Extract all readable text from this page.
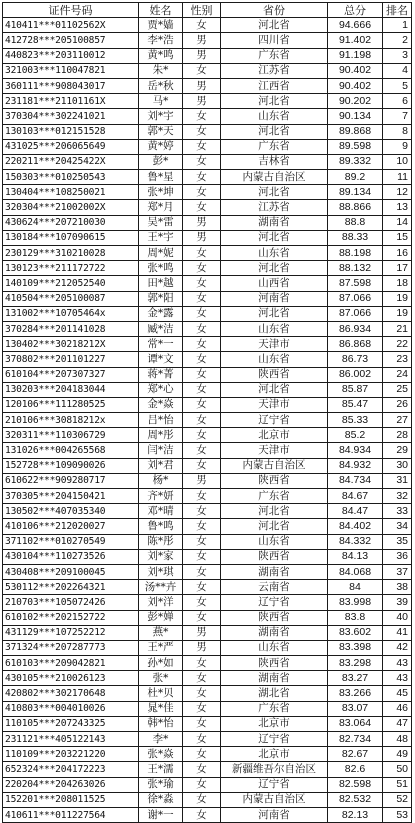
证件号码	姓名	性别	省份	总分	排名
410411***01102562X	贾*嫱	女	河北省	94.666	1
412728***205100857	李*浩	男	四川省	91.402	2
440823***203110012	黄*鸣	男	广东省	91.198	3
321003***110047821	朱*	女	江苏省	90.402	4
360111***908043017	岳*秋	男	江西省	90.402	5
231181***21101161X	马*	男	河北省	90.202	6
370304***302241021	刘*宇	女	山东省	90.134	7
130103***012151528	郭*天	女	河北省	89.868	8
431025***206065649	黄*婷	女	广东省	89.598	9
220211***20425422X	彭*	女	吉林省	89.332	10
150303***010250543	鲁*星	女	内蒙古自治区	89.2	11
130404***108250021	张*坤	女	河北省	89.134	12
320304***21002002X	郑*月	女	江苏省	88.866	13
430624***207210030	吴*雷	男	湖南省	88.8	14
130184***107090615	王*宇	男	河北省	88.33	15
230129***310210028	周*妮	女	山东省	88.198	16
130123***211172722	张*鸣	女	河北省	88.132	17
140109***212052540	田*越	女	山西省	87.598	18
410504***205100087	郭*阳	女	河南省	87.066	19
131002***10705464x	金*露	女	河北省	87.066	19
370284***201141028	臧*洁	女	山东省	86.934	21
130402***30218212X	常*一	女	天津市	86.868	22
370802***201101227	谭*文	女	山东省	86.73	23
610104***207307327	蒋*菁	女	陕西省	86.002	24
130203***204183044	郑*心	女	河北省	85.87	25
120106***111280525	金*焱	女	天津市	85.47	26
210106***30818212x	吕*怡	女	辽宁省	85.33	27
320311***110306729	周*彤	女	北京市	85.2	28
131026***004265568	闫*洁	女	天津市	84.934	29
152728***109090026	刘*君	女	内蒙古自治区	84.932	30
610622***909280717	杨*	男	陕西省	84.734	31
370305***204150421	齐*妍	女	广东省	84.67	32
130502***407035340	邓*晴	女	河北省	84.47	33
410106***212020027	鲁*鸣	女	河北省	84.402	34
371102***010270549	陈*彤	女	山东省	84.332	35
430104***110273526	刘*家	女	陕西省	84.13	36
430408***209100045	刘*琪	女	湖南省	84.068	37
530112***202264321	汤**卉	女	云南省	84	38
210703***105072426	刘*洋	女	辽宁省	83.998	39
610102***202152722	彭*婵	女	陕西省	83.8	40
431129***107252212	燕*	男	湖南省	83.602	41
371324***207287773	王*严	男	山东省	83.398	42
610103***209042821	孙*如	女	陕西省	83.298	43
430105***210026123	张*	女	湖南省	83.27	43
420802***302170648	杜*贝	女	湖北省	83.266	45
410803***004010026	晁*佳	女	广东省	83.07	46
110105***207243325	韩*怡	女	北京市	83.064	47
231121***405122143	李*	女	辽宁省	82.734	48
110109***203221220	张*焱	女	北京市	82.67	49
652324***204172223	王*濡	女	新疆维吾尔自治区	82.6	50
220204***204263026	张*瑜	女	辽宁省	82.598	51
152201***208011525	徐*淼	女	内蒙古自治区	82.532	52
410611***011227564	谢*一	女	河南省	82.13	53
